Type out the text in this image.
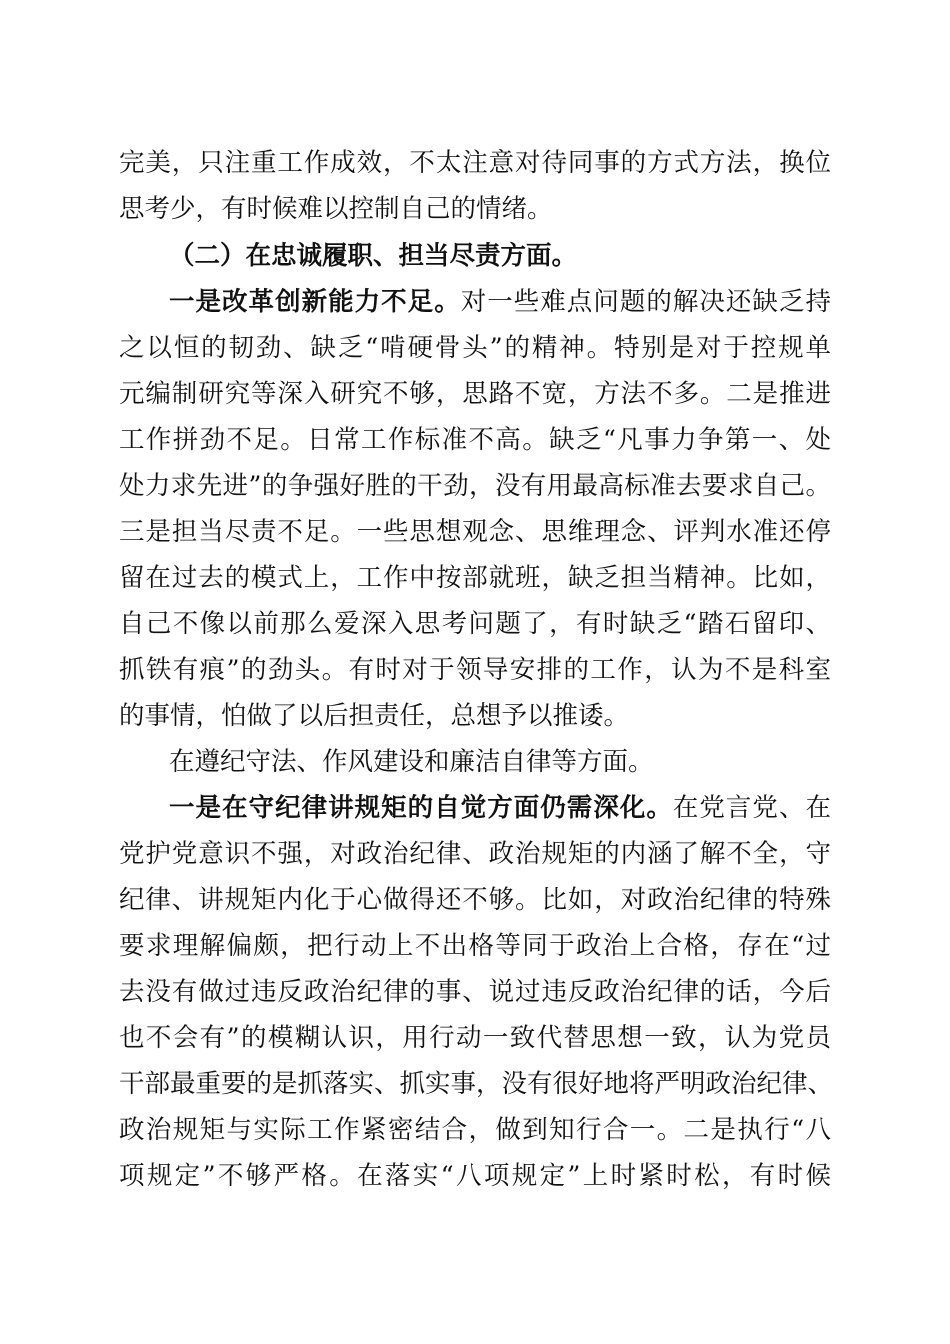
完美，只注重工作成效，不太注意对待同事的方式方法，换位
思考少，有时候难以控制自己的情绪。
（二）在忠诚履职、担当尽责方面。
一是改革创新能力不足。对一些难点问题的解决还缺乏持
之以恒的韧劲、缺乏“啃硬骨头”的精神。特别是对于控规单
元编制研究等深入研究不够，思路不宽，方法不多。二是推进
工作拼劲不足。日常工作标准不高。缺乏“凡事力争第一、处
处力求先进”的争强好胜的干劲，没有用最高标准去要求自己。
三是担当尽责不足。一些思想观念、思维理念、评判水准还停
留在过去的模式上，工作中按部就班，缺乏担当精神。比如，
自己不像以前那么爱深入思考问题了，有时缺乏“踏石留印、
抓铁有痕”的劲头。有时对于领导安排的工作，认为不是科室
的事情，怕做了以后担责任，总想予以推诿。
在遵纪守法、作风建设和廉洁自律等方面。
一是在守纪律讲规矩的自觉方面仍需深化。在党言党、在
党护党意识不强，对政治纪律、政治规矩的内涵了解不全，守
纪律、讲规矩内化于心做得还不够。比如，对政治纪律的特殊
要求理解偏颇，把行动上不出格等同于政治上合格，存在“过
去没有做过违反政治纪律的事、说过违反政治纪律的话，今后
也不会有”的模糊认识，用行动一致代替思想一致，认为党员
干部最重要的是抓落实、抓实事，没有很好地将严明政治纪律、
政治规矩与实际工作紧密结合，做到知行合一。二是执行“八
项规定”不够严格。在落实“八项规定”上时紧时松，有时候
